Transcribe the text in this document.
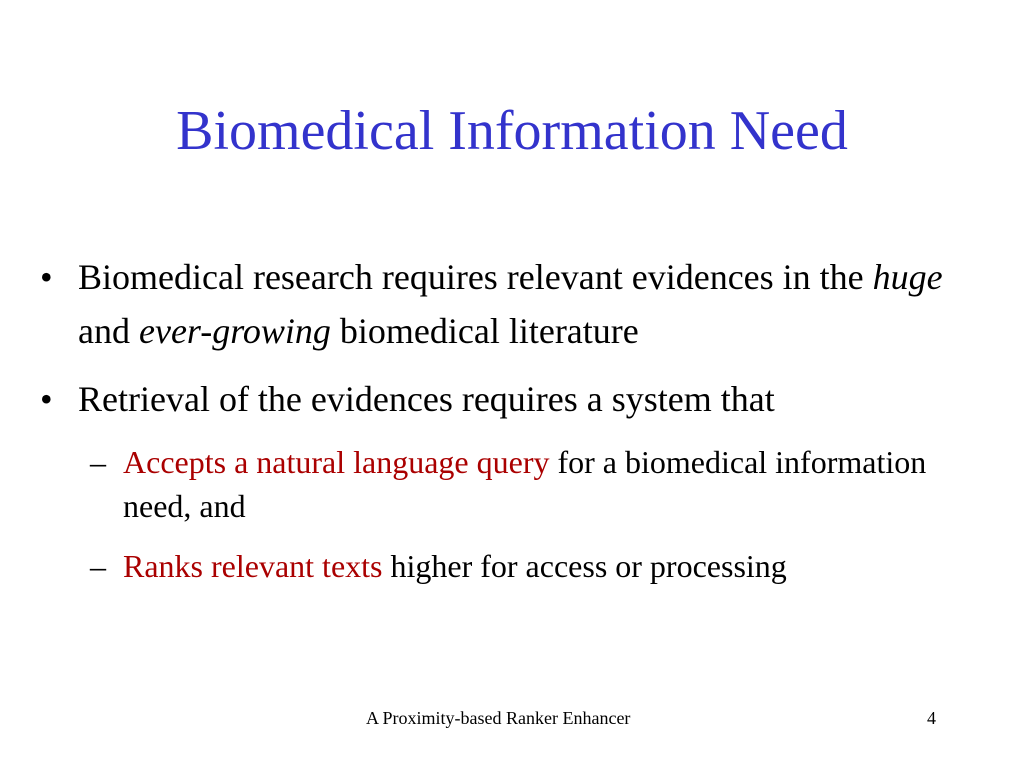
Biomedical Information Need
• Biomedical research requires relevant evidences in the huge and ever-growing biomedical literature
• Retrieval of the evidences requires a system that
– Accepts a natural language query for a biomedical information need, and
– Ranks relevant texts higher for access or processing
A Proximity-based Ranker Enhancer	4
